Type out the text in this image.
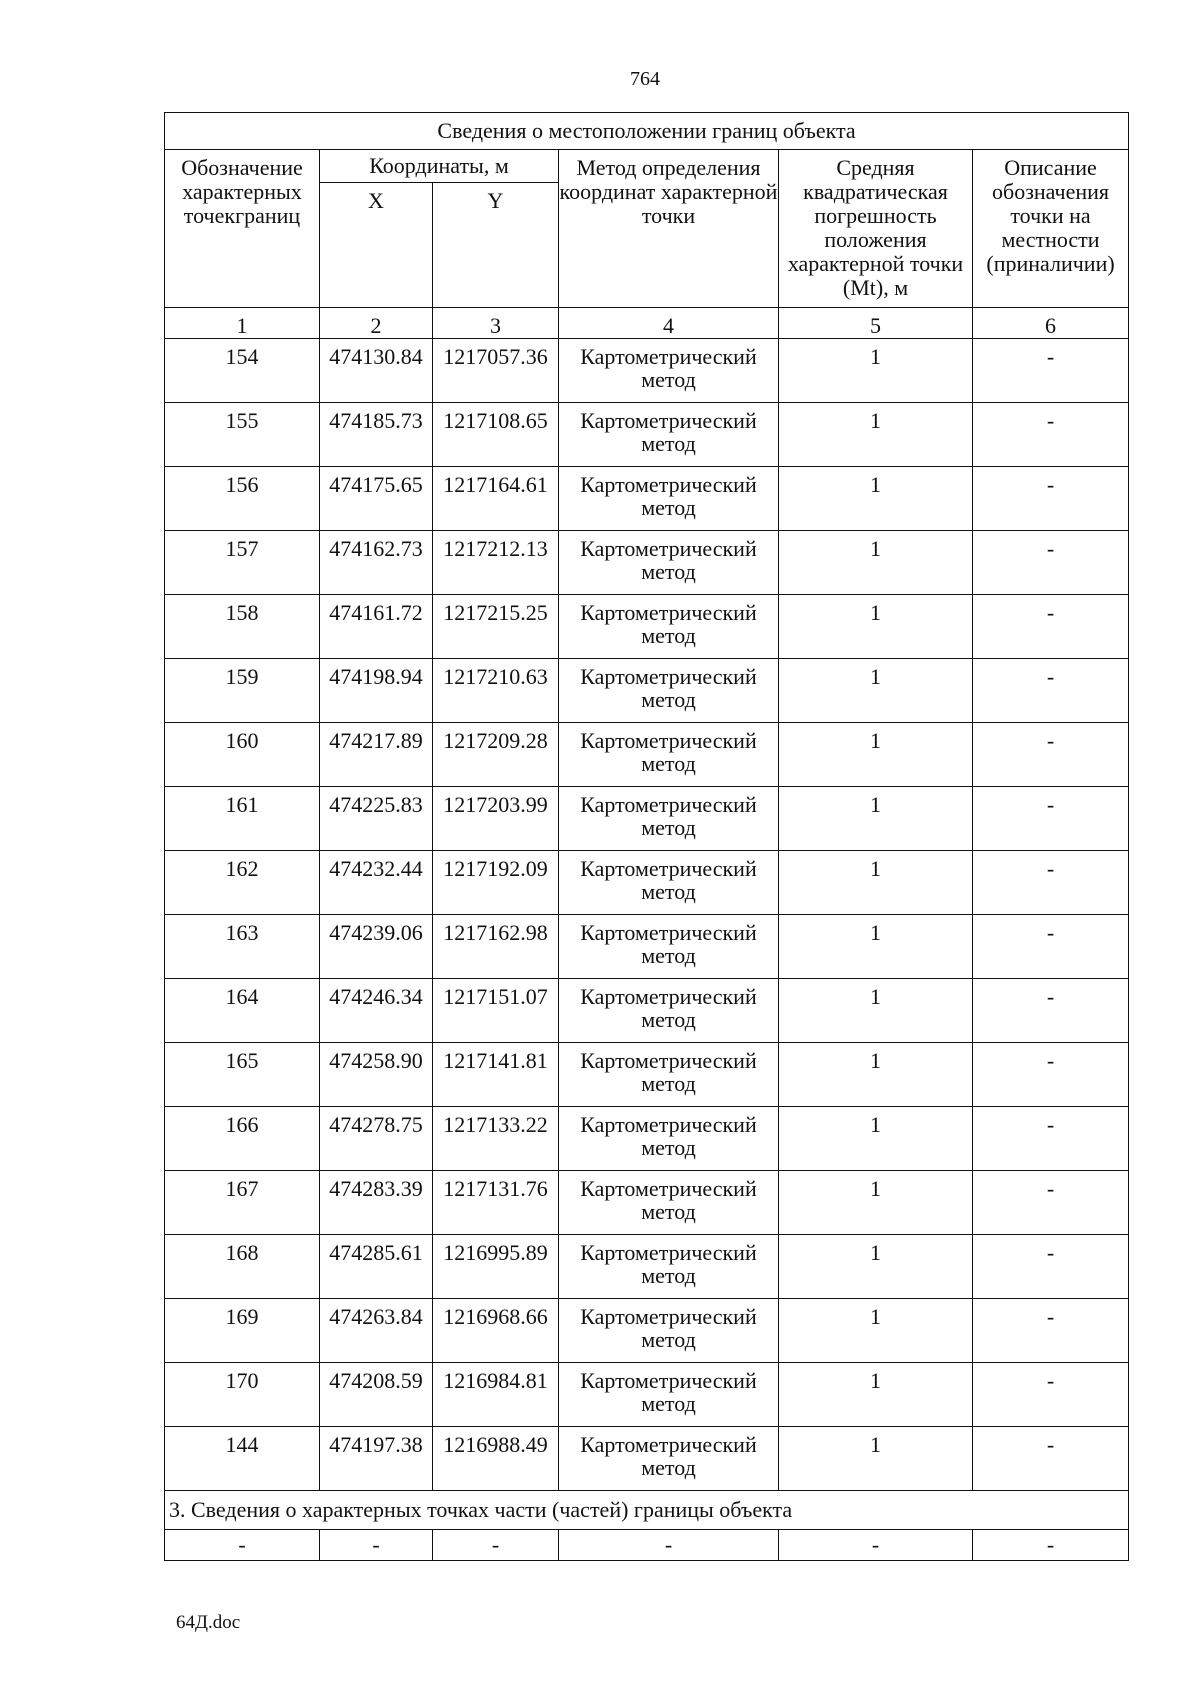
764
Сведения о местоположении границ объекта					
Обозначение характерных точекграниц	Координаты, м		Метод определения координат характерной точки	Средняя квадратическая погрешность положения характерной точки (Mt), м	Описание обозначения точки на местности (приналичии)
	X	Y			
1	2	3	4	5	6
154	474130.84	1217057.36	Картометрический метод	1	-
155	474185.73	1217108.65	Картометрический метод	1	-
156	474175.65	1217164.61	Картометрический метод	1	-
157	474162.73	1217212.13	Картометрический метод	1	-
158	474161.72	1217215.25	Картометрический метод	1	-
159	474198.94	1217210.63	Картометрический метод	1	-
160	474217.89	1217209.28	Картометрический метод	1	-
161	474225.83	1217203.99	Картометрический метод	1	-
162	474232.44	1217192.09	Картометрический метод	1	-
163	474239.06	1217162.98	Картометрический метод	1	-
164	474246.34	1217151.07	Картометрический метод	1	-
165	474258.90	1217141.81	Картометрический метод	1	-
166	474278.75	1217133.22	Картометрический метод	1	-
167	474283.39	1217131.76	Картометрический метод	1	-
168	474285.61	1216995.89	Картометрический метод	1	-
169	474263.84	1216968.66	Картометрический метод	1	-
170	474208.59	1216984.81	Картометрический метод	1	-
144	474197.38	1216988.49	Картометрический метод	1	-
3. Сведения о характерных точках части (частей) границы объекта					
-	-	-	-	-	-
64Д.doc
